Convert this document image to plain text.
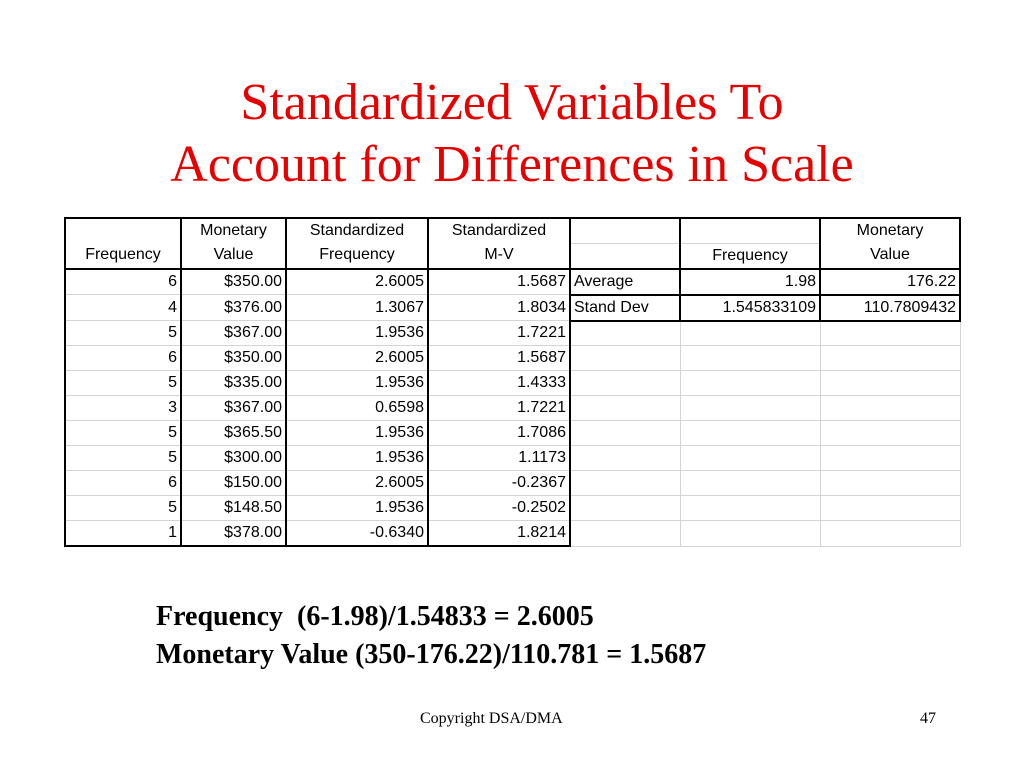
Standardized Variables To
Account for Differences in Scale
	Monetary	Standardized	Standardized			Monetary
Frequency	Value	Frequency	M-V		Frequency	Value
6	$350.00	2.6005	1.5687	Average	1.98	176.22
4	$376.00	1.3067	1.8034	Stand Dev	1.545833109	110.7809432
5	$367.00	1.9536	1.7221			
6	$350.00	2.6005	1.5687			
5	$335.00	1.9536	1.4333			
3	$367.00	0.6598	1.7221			
5	$365.50	1.9536	1.7086			
5	$300.00	1.9536	1.1173			
6	$150.00	2.6005	-0.2367			
5	$148.50	1.9536	-0.2502			
1	$378.00	-0.6340	1.8214			
Frequency  (6-1.98)/1.54833 = 2.6005
Monetary Value (350-176.22)/110.781 = 1.5687
Copyright DSA/DMA	47
